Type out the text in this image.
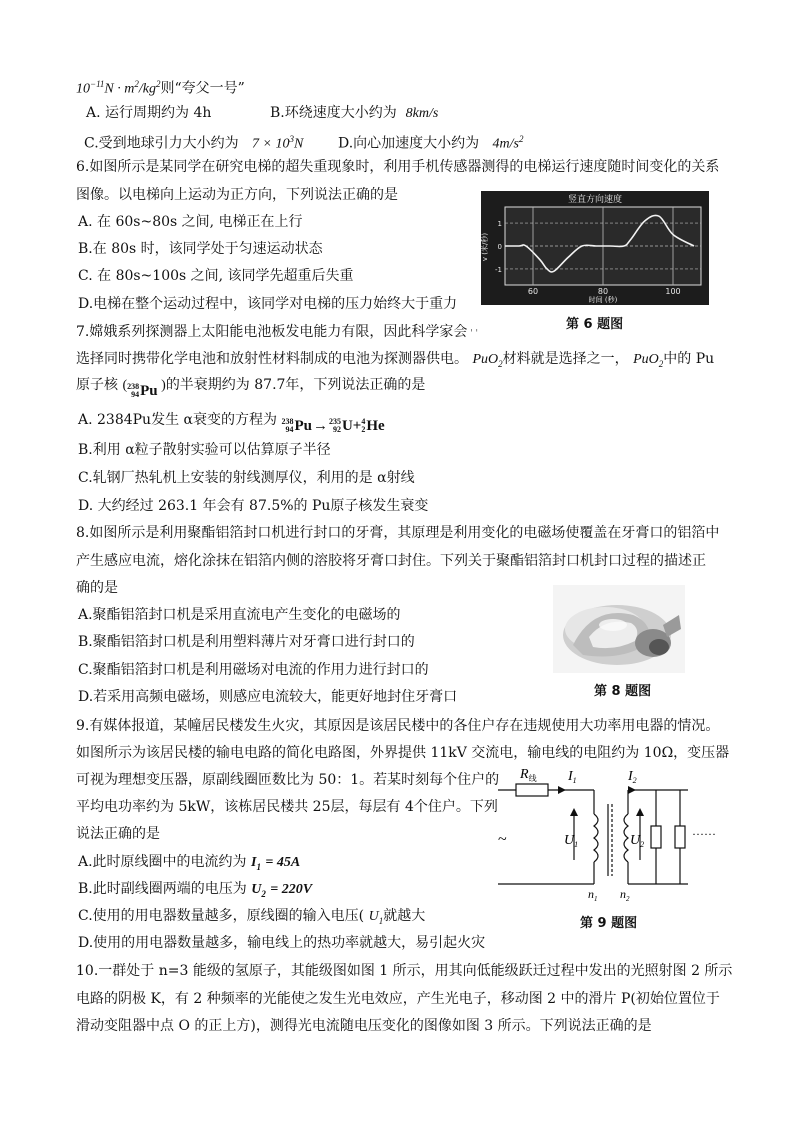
$10^{-11}N \cdot m^2/kg^2$则“夸父一号”
A. 运行周期约为 4h	B.环绕速度大小约为 8km/s
C.受到地球引力大小约为 $7 \times 10^3N$ D.向心加速度大小约为 $4m/s^2$
6.如图所示是某同学在研究电梯的超失重现象时，利用手机传感器测得的电梯运行速度随时间变化的关系
图像。以电梯向上运动为正方向，下列说法正确的是
A. 在 60s~80s 之间, 电梯正在上行
B.在 80s 时，该同学处于匀速运动状态
C. 在 80s~100s 之间, 该同学先超重后失重
D.电梯在整个运动过程中，该同学对电梯的压力始终大于重力
竖直方向速度
60	80	100
1
0
-1
v (米/秒)
时间 (秒)
第 6 题图
7.嫦娥系列探测器上太阳能电池板发电能力有限，因此科学家会 ' '
选择同时携带化学电池和放射性材料制成的电池为探测器供电。 PuO$_2$材料就是选择之一， PuO$_2$中的 Pu
原子核 ( 238
94 Pu )的半衰期约为 87.7年，下列说法正确的是
A. 2384Pu发生 α衰变的方程为 238
94 Pu → 235
92 U + 4
2 He
B.利用 α粒子散射实验可以估算原子半径
C.轧钢厂热轧机上安装的射线测厚仪，利用的是 α射线
D. 大约经过 263.1 年会有 87.5%的 Pu原子核发生衰变
8.如图所示是利用聚酯铝箔封口机进行封口的牙膏，其原理是利用变化的电磁场使覆盖在牙膏口的铝箔中
产生感应电流，熔化涂抹在铝箔内侧的溶胶将牙膏口封住。下列关于聚酯铝箔封口机封口过程的描述正
确的是
A.聚酯铝箔封口机是采用直流电产生变化的电磁场的
B.聚酯铝箔封口机是利用塑料薄片对牙膏口进行封口的
C.聚酯铝箔封口机是利用磁场对电流的作用力进行封口的
D.若采用高频电磁场，则感应电流较大，能更好地封住牙膏口	第 8 题图
9.有媒体报道，某幢居民楼发生火灾，其原因是该居民楼中的各住户存在违规使用大功率用电器的情况。
如图所示为该居民楼的输电电路的简化电路图，外界提供 11kV 交流电，输电线的电阻约为 10Ω，变压器
可视为理想变压器，原副线圈匝数比为 50：1。若某时刻每个住户的
平均电功率约为 5kW，该栋居民楼共 25层，每层有 4个住户。下列
说法正确的是
A.此时原线圈中的电流约为 $I_1 = 45A$
B.此时副线圈两端的电压为 $U_2 = 220V$
C.使用的用电器数量越多，原线圈的输入电压( $U_1$就越大
D.使用的用电器数量越多，输电线上的热功率就越大，易引起火灾
$R_线$ $I_1$	$I_2$
$U_1$	$U_2$
$n_1$ $n_2$
~	······
第 9 题图
10.一群处于 n=3 能级的氢原子，其能级图如图 1 所示，用其向低能级跃迁过程中发出的光照射图 2 所示
电路的阴极 K，有 2 种频率的光能使之发生光电效应，产生光电子，移动图 2 中的滑片 P(初始位置位于
滑动变阻器中点 O 的正上方)，测得光电流随电压变化的图像如图 3 所示。下列说法正确的是
